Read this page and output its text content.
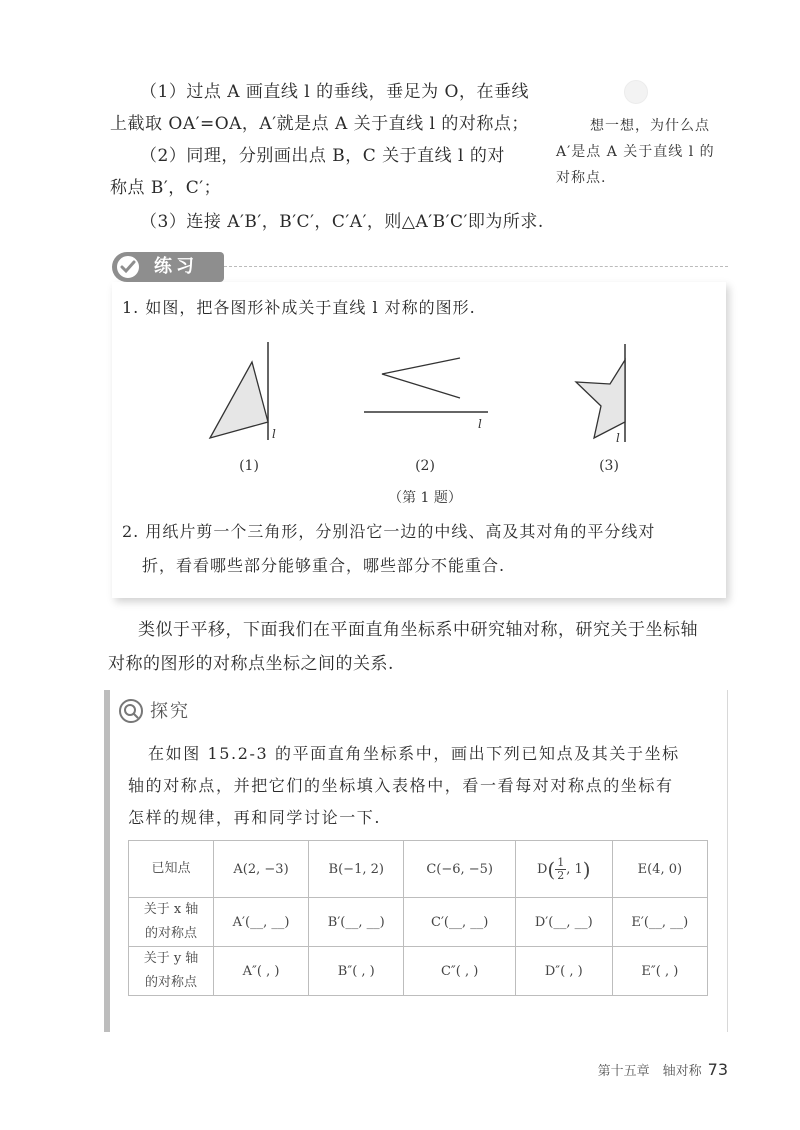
（1）过点 A 画直线 l 的垂线，垂足为 O，在垂线
上截取 OA′=OA，A′就是点 A 关于直线 l 的对称点；
（2）同理，分别画出点 B，C 关于直线 l 的对
称点 B′，C′；
（3）连接 A′B′，B′C′，C′A′，则△A′B′C′即为所求.
想一想，为什么点
A′是点 A 关于直线 l 的
对称点.
练习
1. 如图，把各图形补成关于直线 l 对称的图形.
l
l
l
(1)	(2)	(3)
（第 1 题）
2. 用纸片剪一个三角形，分别沿它一边的中线、高及其对角的平分线对
折，看看哪些部分能够重合，哪些部分不能重合.
类似于平移，下面我们在平面直角坐标系中研究轴对称，研究关于坐标轴
对称的图形的对称点坐标之间的关系.
探究
在如图 15.2-3 的平面直角坐标系中，画出下列已知点及其关于坐标
轴的对称点，并把它们的坐标填入表格中，看一看每对对称点的坐标有
怎样的规律，再和同学讨论一下.
已知点	A(2, −3)	B(−1, 2)	C(−6, −5)	$D( \frac{1}{2}$ , 1)	E(4, 0)

关于 x 轴
的对称点	A′(__, __)	B′(__, __)	C′(__, __)	D′(__, __)	E′(__, __)

关于 y 轴
的对称点	A″( , )	B″( , )	C″( , )	D″( , )	E″( , )
第十五章　轴对称 73
